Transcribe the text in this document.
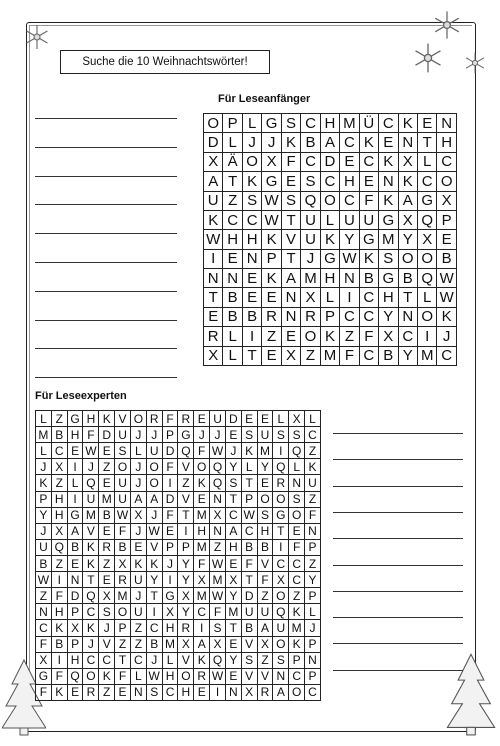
Suche die 10 Weihnachtswörter!
Für Leseanfänger
O P L G S C H M Ü C K E N
D L J J K B A C K E N T H
X Ä O X F C D E C K X L C
A T K G E S C H E N K C O
U Z S W S Q O C F K A G X
K C C W T U L U U G X Q P
W H H K V U K Y G M Y X E
I E N P T J G W K S O O B
N N E K A M H N B G B Q W
T B E E N X L I C H T L W
E B B R N R P C C Y N O K
R L I Z E O K Z F X C I J
X L T E X Z M F C B Y M C
Für Leseexperten
L Z G H K V O R F R E U D E E L X L
M B H F D U J J P G J J E S U S S C
L C E W E S L U D Q F W J K M I Q Z
J X I J Z O J O F V O Q Y L Y Q L K
K Z L Q E U J O I Z K Q S T E R N U
P H I U M U A A D V E N T P O O S Z
Y H G M B W X J F T M X C W S G O F
J X A V E F J W E I H N A C H T E N
U Q B K R B E V P P M Z H B B I F P
B Z E K Z X K K J Y F W E F V C C Z
W I N T E R U Y I Y X M X T F X C Y
Z F D Q X M J T G X M W Y D Z O Z P
N H P C S O U I X Y C F M U U Q K L
C K X K J P Z C H R I S T B A U M J
F B P J V Z Z B M X A X E V X O K P
X I H C C T C J L V K Q Y S Z S P N
G F Q O K F L W H O R W E V V N C P
F K E R Z E N S C H E I N X R A O C
